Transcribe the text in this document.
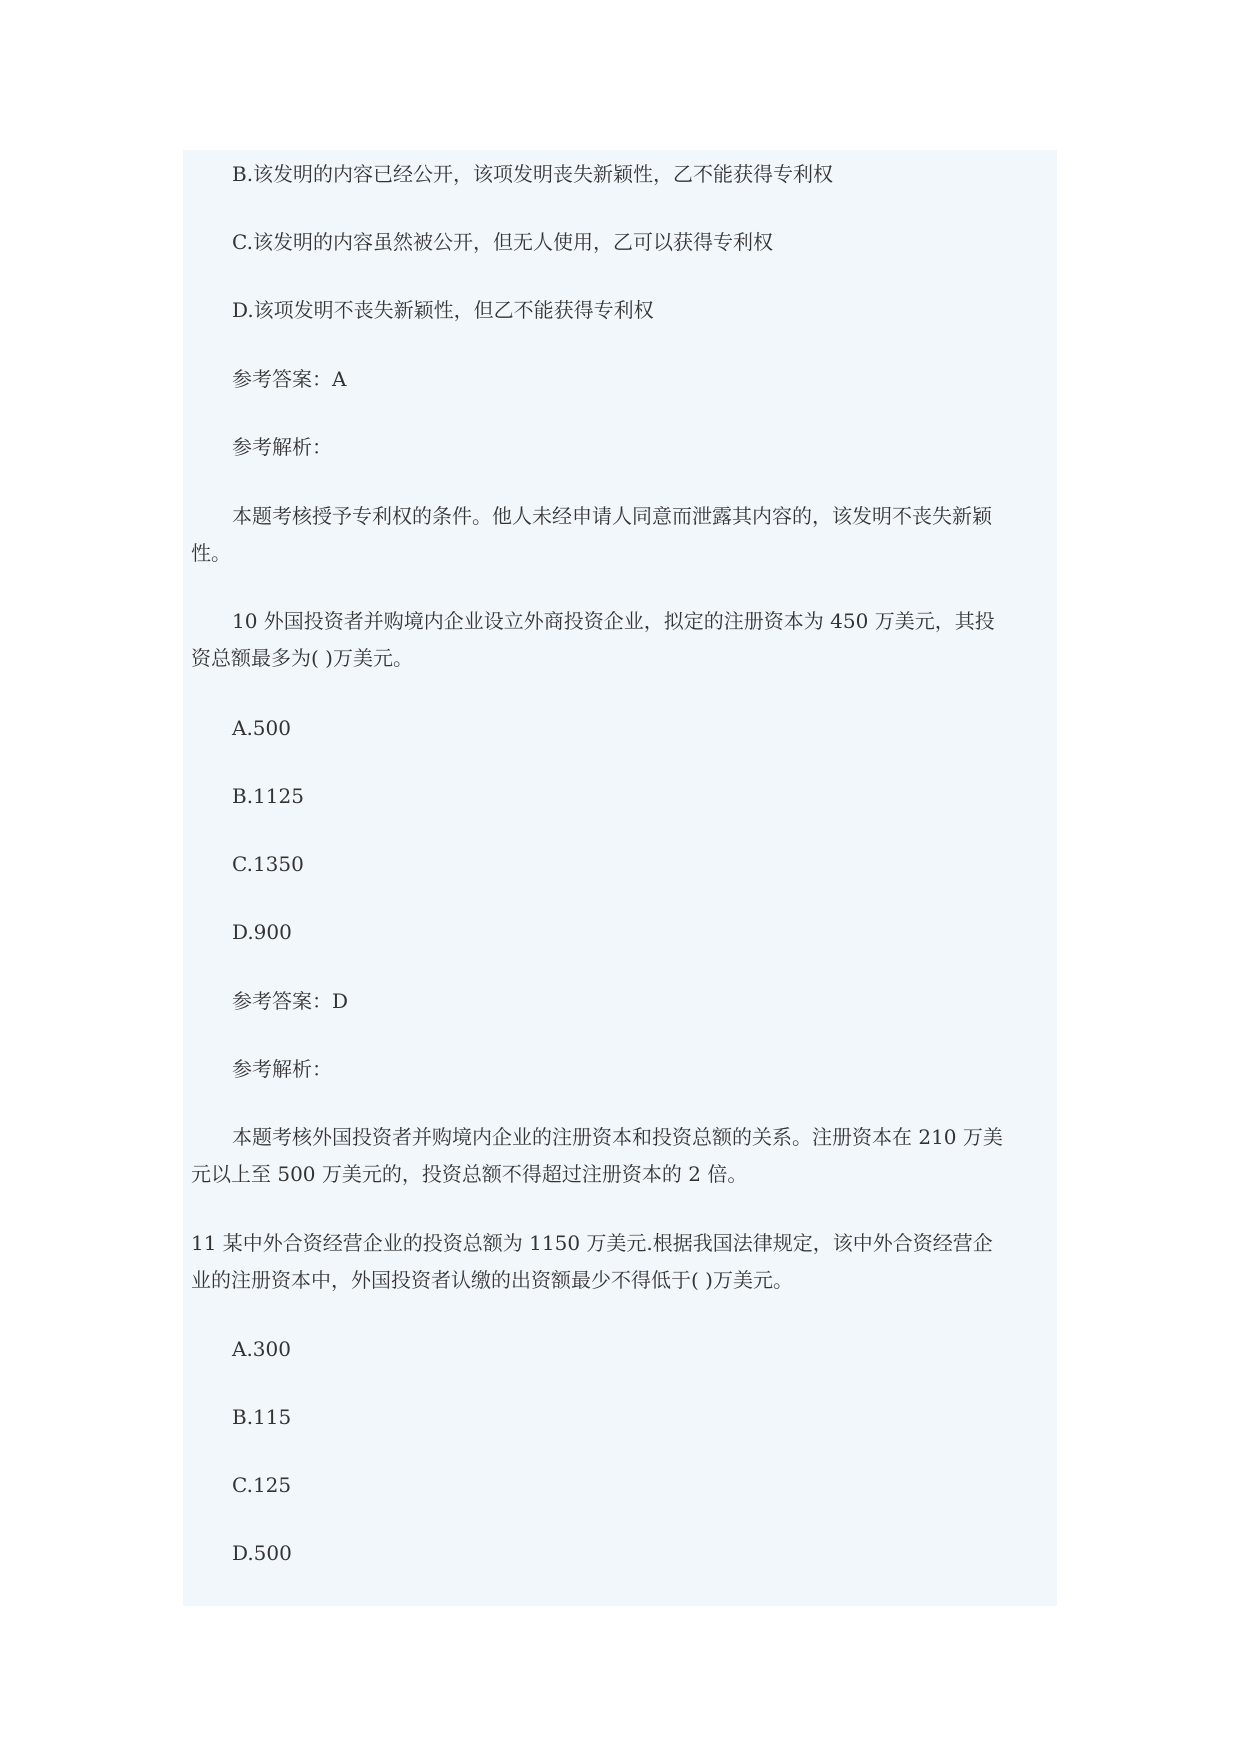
B.该发明的内容已经公开，该项发明丧失新颖性，乙不能获得专利权
C.该发明的内容虽然被公开，但无人使用，乙可以获得专利权
D.该项发明不丧失新颖性，但乙不能获得专利权
参考答案：A
参考解析：
本题考核授予专利权的条件。他人未经申请人同意而泄露其内容的，该发明不丧失新颖
性。
10 外国投资者并购境内企业设立外商投资企业，拟定的注册资本为 450 万美元，其投
资总额最多为( )万美元。
A.500
B.1125
C.1350
D.900
参考答案：D
参考解析：
本题考核外国投资者并购境内企业的注册资本和投资总额的关系。注册资本在 210 万美
元以上至 500 万美元的，投资总额不得超过注册资本的 2 倍。
11 某中外合资经营企业的投资总额为 1150 万美元.根据我国法律规定，该中外合资经营企
业的注册资本中，外国投资者认缴的出资额最少不得低于( )万美元。
A.300
B.115
C.125
D.500
